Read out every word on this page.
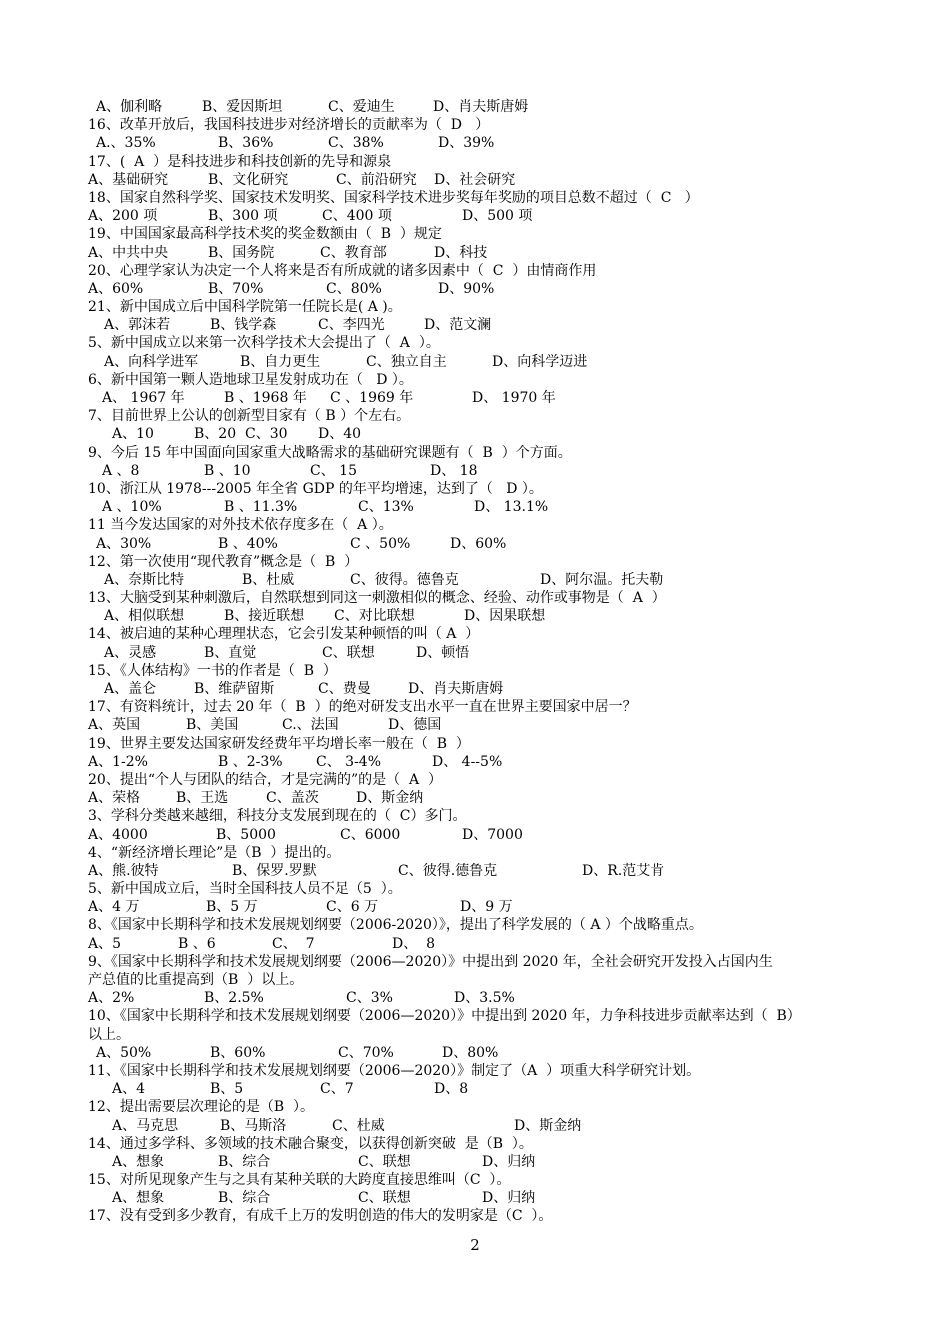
A、伽利略	B、爱因斯坦	C、爱迪生	D、肖夫斯唐姆
16、改革开放后，我国科技进步对经济增长的贡献率为（  D   ）
A.、35%	B、36%	C、38%	D、39%
17、(  A  ）是科技进步和科技创新的先导和源泉
A、基础研究	B、文化研究	C、前沿研究 D、社会研究
18、国家自然科学奖、国家技术发明奖、国家科学技术进步奖每年奖励的项目总数不超过（  C   ）
A、200 项	B、300 项	C、400 项	D、500 项
19、中国国家最高科学技术奖的奖金数额由（  B  ）规定
A、中共中央	B、国务院	C、教育部	D、科技
20、心理学家认为决定一个人将来是否有所成就的诸多因素中（  C  ）由情商作用
A、60%	B、70%	C、80%	D、90%
21、新中国成立后中国科学院第一任院长是( A )。
A、郭沫若	B、钱学森	C、李四光	D、范文澜
5、新中国成立以来第一次科学技术大会提出了（  A  ）。
A、向科学进军	B、自力更生	C、独立自主	D、向科学迈进
6、新中国第一颗人造地球卫星发射成功在（   D ）。
A、 1967 年	B 、1968 年 C 、1969 年	D、 1970 年
7、目前世界上公认的创新型目家有（ B ）个左右。
A、10	B、20  C、30 D、40
9、今后 15 年中国面向国家重大战略需求的基础研究课题有（  B  ）个方面。
A 、8	B 、10	C、 15	D、 18
10、浙江从 1978---2005 年全省 GDP 的年平均增速，达到了（   D ）。
A 、10%	B 、11.3%	C、13%	D、 13.1%
11 当今发达国家的对外技术依存度多在（  A ）。
A、30%	B 、40%	C 、50%	D、60%
12、第一次使用“现代教育”概念是（  B  ）
A、奈斯比特	B、杜威	C、彼得。德鲁克	D、阿尔温。托夫勒
13、大脑受到某种刺激后，自然联想到同这一刺激相似的概念、经验、动作或事物是（  A  ）
A、相似联想	B、接近联想 C、对比联想	D、因果联想
14、被启迪的某种心理理状态，它会引发某种顿悟的叫（ A  ）
A、灵感	B、直觉	C、联想	D、顿悟
15、《人体结构》一书的作者是（  B  ）
A、盖仑	B、维萨留斯	C、费曼	D、肖夫斯唐姆
17、有资料统计，过去 20 年（  B  ）的绝对研发支出水平一直在世界主要国家中居一？
A、英国	B、美国	C.、法国	D、德国
19、世界主要发达国家研发经费年平均增长率一般在（  B  ）
A、1-2%	B 、2-3% C、 3-4%	D、 4--5%
20、提出“个人与团队的结合，才是完满的”的是（  A  ）
A、荣格	B、王选	C、盖茨	D、斯金纳
3、学科分类越来越细，科技分支发展到现在的（  C）多门。
A、4000	B、5000	C、6000	D、7000
4、“新经济增长理论”是（B  ）提出的。
A、熊.彼特	B、保罗.罗默	C、彼得.德鲁克	D、R.范艾肯
5、新中国成立后，当时全国科技人员不足（5  ）。
A、4 万	B、5 万	C、6 万	D、9 万
8、《国家中长期科学和技术发展规划纲要（2006-2020）》，提出了科学发展的（ A ）个战略重点。
A、5	B 、6	C、  7	D、  8
9、《国家中长期科学和技术发展规划纲要（2006—2020）》中提出到 2020 年，全社会研究开发投入占国内生
产总值的比重提高到（B  ）以上。
A、2%	B、2.5%	C、3%	D、3.5%
10、《国家中长期科学和技术发展规划纲要（2006—2020）》中提出到 2020 年，力争科技进步贡献率达到（  B）
以上。
A、50%	B、60%	C、70%	D、80%
11、《国家中长期科学和技术发展规划纲要（2006—2020）》制定了（A  ）项重大科学研究计划。
A、4	B、5	C、7	D、8
12、提出需要层次理论的是（B  ）。
A、马克思	B、马斯洛	C、杜威	D、斯金纳
14、通过多学科、多领域的技术融合聚变，以获得创新突破  是（B  ）。
A、想象	B、综合	C、联想	D、归纳
15、对所见现象产生与之具有某种关联的大跨度直接思维叫（C  ）。
A、想象	B、综合	C、联想	D、归纳
17、没有受到多少教育，有成千上万的发明创造的伟大的发明家是（C  ）。
2
